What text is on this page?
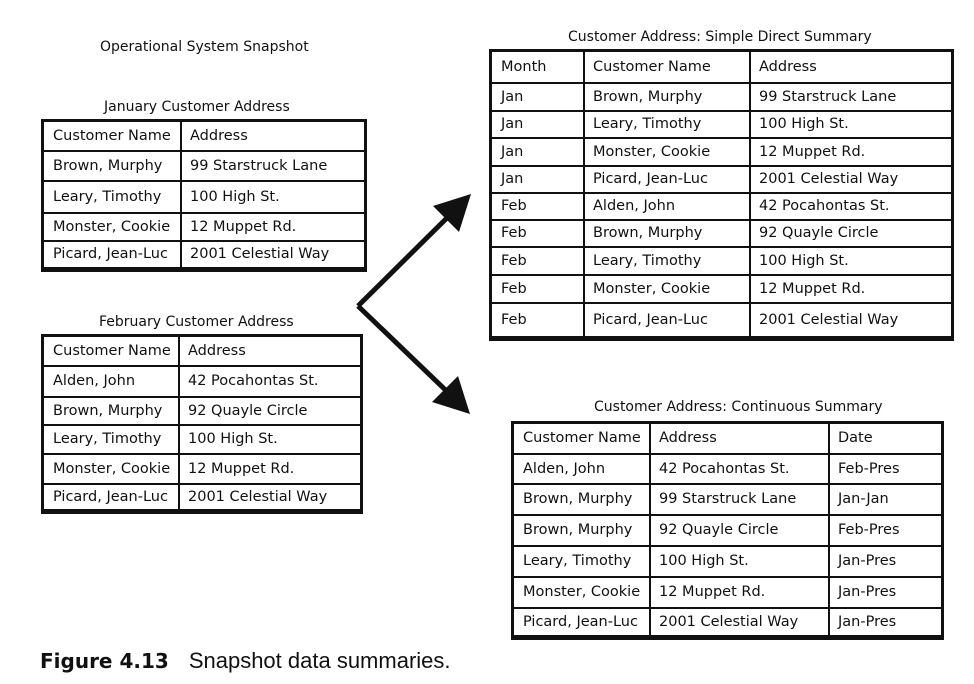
Operational System Snapshot
January Customer Address
Customer Name	Address
Brown, Murphy	99 Starstruck Lane
Leary, Timothy	100 High St.
Monster, Cookie	12 Muppet Rd.
Picard, Jean-Luc	2001 Celestial Way
February Customer Address
Customer Name	Address
Alden, John	42 Pocahontas St.
Brown, Murphy	92 Quayle Circle
Leary, Timothy	100 High St.
Monster, Cookie	12 Muppet Rd.
Picard, Jean-Luc	2001 Celestial Way
Customer Address: Simple Direct Summary
Month	Customer Name	Address
Jan	Brown, Murphy	99 Starstruck Lane
Jan	Leary, Timothy	100 High St.
Jan	Monster, Cookie	12 Muppet Rd.
Jan	Picard, Jean-Luc	2001 Celestial Way
Feb	Alden, John	42 Pocahontas St.
Feb	Brown, Murphy	92 Quayle Circle
Feb	Leary, Timothy	100 High St.
Feb	Monster, Cookie	12 Muppet Rd.
Feb	Picard, Jean-Luc	2001 Celestial Way
Customer Address: Continuous Summary
Customer Name	Address	Date
Alden, John	42 Pocahontas St.	Feb-Pres
Brown, Murphy	99 Starstruck Lane	Jan-Jan
Brown, Murphy	92 Quayle Circle	Feb-Pres
Leary, Timothy	100 High St.	Jan-Pres
Monster, Cookie	12 Muppet Rd.	Jan-Pres
Picard, Jean-Luc	2001 Celestial Way	Jan-Pres
Figure 4.13 Snapshot data summaries.
